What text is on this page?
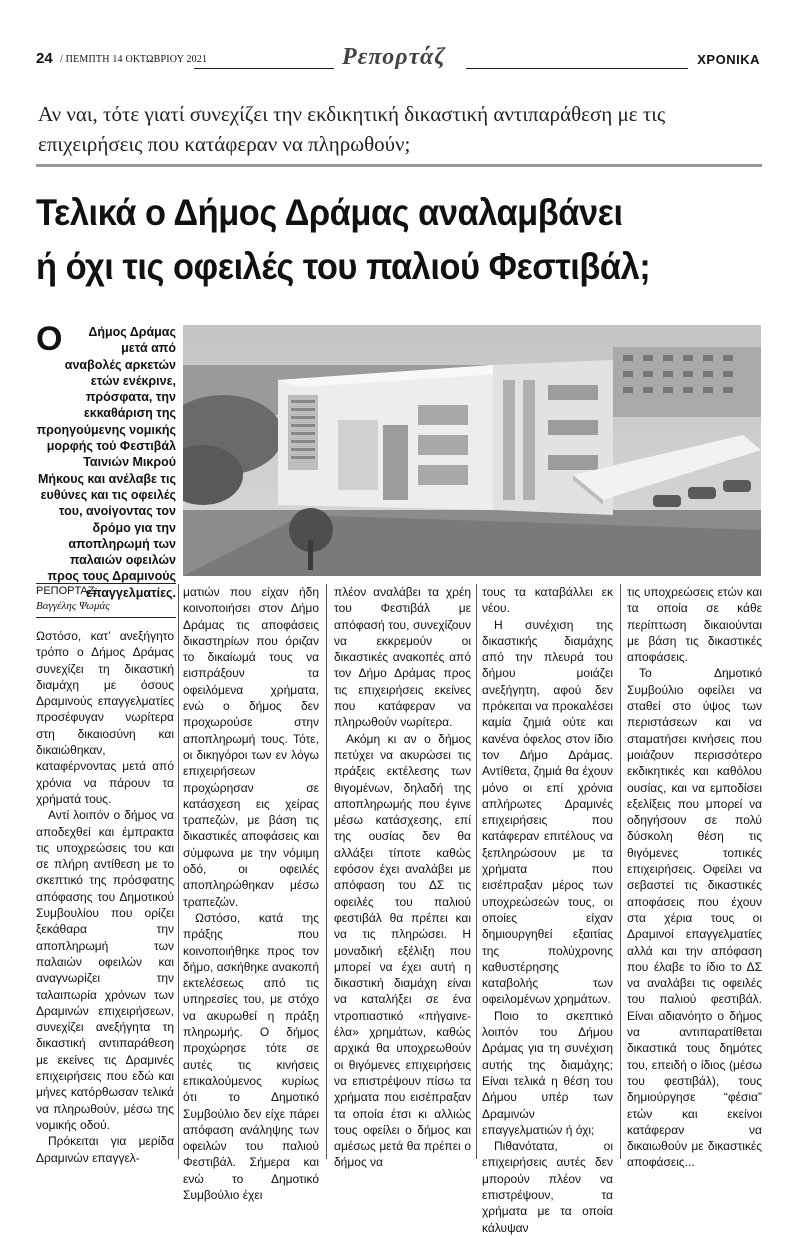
24 / ΠΕΜΠΤΗ 14 ΟΚΤΩΒΡΙΟΥ 2021	Ρεπορτάζ	ΧΡΟΝΙΚΑ
Αν ναι, τότε γιατί συνεχίζει την εκδικητική δικαστική αντιπαράθεση με τις επιχειρήσεις που κατάφεραν να πληρωθούν;
Τελικά ο Δήμος Δράμας αναλαμβάνει
ή όχι τις οφειλές του παλιού Φεστιβάλ;
Ο Δήμος Δράμας μετά από αναβολές αρκετών ετών ενέκρινε, πρόσφατα, την εκκαθάριση της προηγούμενης νομικής μορφής τού Φεστιβάλ Ταινιών Μικρού Μήκους και ανέλαβε τις ευθύνες και τις οφειλές του, ανοίγοντας τον δρόμο για την αποπληρωμή των παλαιών οφειλών προς τους Δραμινούς επαγγελματίες.
ΡΕΠΟΡΤΑΖ:
Βαγγέλης Ψωμάς

Ωστόσο, κατ’ ανεξήγητο τρόπο ο Δήμος Δράμας συνεχίζει τη δικαστική διαμάχη με όσους Δραμινούς επαγγελματίες προσέφυγαν νωρίτερα στη δικαιοσύνη και δικαιώθηκαν, καταφέρνοντας μετά από χρόνια να πάρουν τα χρήματά τους.

Αντί λοιπόν ο δήμος να αποδεχθεί και έμπρακτα τις υποχρεώσεις του και σε πλήρη αντίθεση με το σκεπτικό της πρόσφατης απόφασης του Δημοτικού Συμβουλίου που ορίζει ξεκάθαρα την αποπληρωμή των παλαιών οφειλών και αναγνωρίζει την ταλαιπωρία χρόνων των Δραμινών επιχειρήσεων, συνεχίζει ανεξήγητα τη δικαστική αντιπαράθεση με εκείνες τις Δραμινές επιχειρήσεις που εδώ και μήνες κατόρθωσαν τελικά να πληρωθούν, μέσω της νομικής οδού.

Πρόκειται για μερίδα Δραμινών επαγγελ-

ματιών που είχαν ήδη κοινοποιήσει στον Δήμο Δράμας τις αποφάσεις δικαστηρίων που όριζαν το δικαίωμά τους να εισπράξουν τα οφειλόμενα χρήματα, ενώ ο δήμος δεν προχωρούσε στην αποπληρωμή τους. Τότε, οι δικηγόροι των εν λόγω επιχειρήσεων προχώρησαν σε κατάσχεση εις χείρας τραπεζών, με βάση τις δικαστικές αποφάσεις και σύμφωνα με την νόμιμη οδό, οι οφειλές αποπληρώθηκαν μέσω τραπεζών.

Ωστόσο, κατά της πράξης που κοινοποιήθηκε προς τον δήμο, ασκήθηκε ανακοπή εκτελέσεως από τις υπηρεσίες του, με στόχο να ακυρωθεί η πράξη πληρωμής. Ο δήμος προχώρησε τότε σε αυτές τις κινήσεις επικαλούμενος κυρίως ότι το Δημοτικό Συμβούλιο δεν είχε πάρει απόφαση ανάληψης των οφειλών του παλιού Φεστιβάλ. Σήμερα και ενώ το Δημοτικό Συμβούλιο έχει

πλέον αναλάβει τα χρέη του Φεστιβάλ με απόφασή του, συνεχίζουν να εκκρεμούν οι δικαστικές ανακοπές από τον Δήμο Δράμας προς τις επιχειρήσεις εκείνες που κατάφεραν να πληρωθούν νωρίτερα.

Ακόμη κι αν ο δήμος πετύχει να ακυρώσει τις πράξεις εκτέλεσης των θιγομένων, δηλαδή της αποπληρωμής που έγινε μέσω κατάσχεσης, επί της ουσίας δεν θα αλλάξει τίποτε καθώς εφόσον έχει αναλάβει με απόφαση του ΔΣ τις οφειλές του παλιού φεστιβάλ θα πρέπει και να τις πληρώσει. Η μοναδική εξέλιξη που μπορεί να έχει αυτή η δικαστική διαμάχη είναι να καταλήξει σε ένα ντροπιαστικό «πήγαινε-έλα» χρημάτων, καθώς αρχικά θα υποχρεωθούν οι θιγόμενες επιχειρήσεις να επιστρέψουν πίσω τα χρήματα που εισέπραξαν τα οποία έτσι κι αλλιώς τους οφείλει ο δήμος και αμέσως μετά θα πρέπει ο δήμος να

τους τα καταβάλλει εκ νέου.

Η συνέχιση της δικαστικής διαμάχης από την πλευρά του δήμου μοιάζει ανεξήγητη, αφού δεν πρόκειται να προκαλέσει καμία ζημιά ούτε και κανένα όφελος στον ίδιο τον Δήμο Δράμας. Αντίθετα, ζημιά θα έχουν μόνο οι επί χρόνια απλήρωτες Δραμινές επιχειρήσεις που κατάφεραν επιτέλους να ξεπληρώσουν με τα χρήματα που εισέπραξαν μέρος των υποχρεώσεών τους, οι οποίες είχαν δημιουργηθεί εξαιτίας της πολύχρονης καθυστέρησης καταβολής των οφειλομένων χρημάτων.

Ποιο το σκεπτικό λοιπόν του Δήμου Δράμας για τη συνέχιση αυτής της διαμάχης; Είναι τελικά η θέση του Δήμου υπέρ των Δραμινών επαγγελματιών ή όχι;

Πιθανότατα, οι επιχειρήσεις αυτές δεν μπορούν πλέον να επιστρέψουν, τα χρήματα με τα οποία κάλυψαν

τις υποχρεώσεις ετών και τα οποία σε κάθε περίπτωση δικαιούνται με βάση τις δικαστικές αποφάσεις.

Το Δημοτικό Συμβούλιο οφείλει να σταθεί στο ύψος των περιστάσεων και να σταματήσει κινήσεις που μοιάζουν περισσότερο εκδικητικές και καθόλου ουσίας, και να εμποδίσει εξελίξεις που μπορεί να οδηγήσουν σε πολύ δύσκολη θέση τις θιγόμενες τοπικές επιχειρήσεις. Οφείλει να σεβαστεί τις δικαστικές αποφάσεις που έχουν στα χέρια τους οι Δραμινοί επαγγελματίες αλλά και την απόφαση που έλαβε το ίδιο το ΔΣ να αναλάβει τις οφειλές του παλιού φεστιβάλ. Είναι αδιανόητο ο δήμος να αντιπαρατίθεται δικαστικά τους δημότες του, επειδή ο ίδιος (μέσω του φεστιβάλ), τους δημιούργησε “φέσια” ετών και εκείνοι κατάφεραν να δικαιωθούν με δικαστικές αποφάσεις...
